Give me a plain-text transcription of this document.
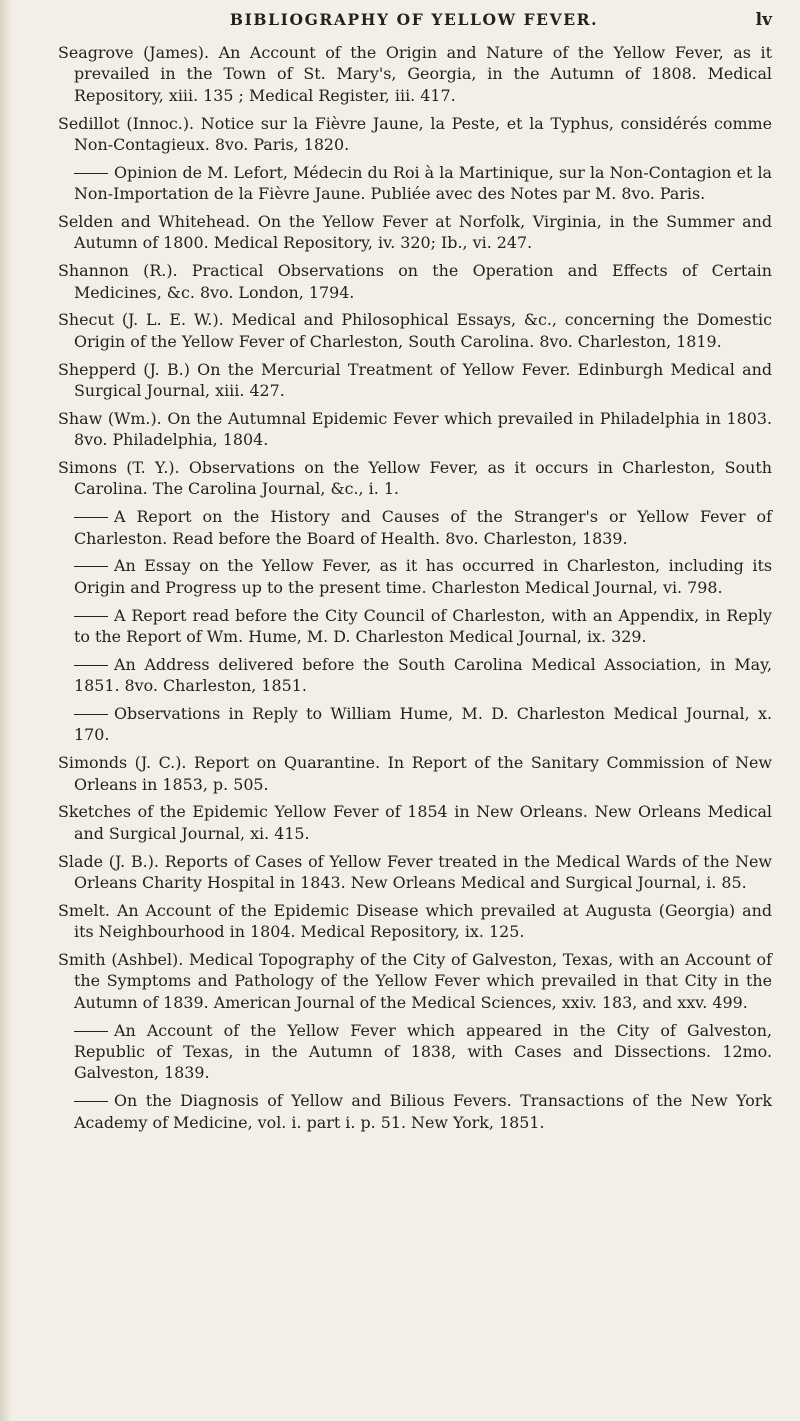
BIBLIOGRAPHY OF YELLOW FEVER.	lv
Seagrove (James). An Account of the Origin and Nature of the Yellow Fever, as it prevailed in the Town of St. Mary's, Georgia, in the Autumn of 1808. Medical Repository, xiii. 135 ; Medical Register, iii. 417.
Sedillot (Innoc.). Notice sur la Fièvre Jaune, la Peste, et la Typhus, considérés comme Non-Contagieux. 8vo. Paris, 1820.
Opinion de M. Lefort, Médecin du Roi à la Martinique, sur la Non-Contagion et la Non-Importation de la Fièvre Jaune. Publiée avec des Notes par M. 8vo. Paris.
Selden and Whitehead. On the Yellow Fever at Norfolk, Virginia, in the Summer and Autumn of 1800. Medical Repository, iv. 320; Ib., vi. 247.
Shannon (R.). Practical Observations on the Operation and Effects of Certain Medicines, &c. 8vo. London, 1794.
Shecut (J. L. E. W.). Medical and Philosophical Essays, &c., concerning the Domestic Origin of the Yellow Fever of Charleston, South Carolina. 8vo. Charleston, 1819.
Shepperd (J. B.) On the Mercurial Treatment of Yellow Fever. Edinburgh Medical and Surgical Journal, xiii. 427.
Shaw (Wm.). On the Autumnal Epidemic Fever which prevailed in Philadelphia in 1803. 8vo. Philadelphia, 1804.
Simons (T. Y.). Observations on the Yellow Fever, as it occurs in Charleston, South Carolina. The Carolina Journal, &c., i. 1.
A Report on the History and Causes of the Stranger's or Yellow Fever of Charleston. Read before the Board of Health. 8vo. Charleston, 1839.
An Essay on the Yellow Fever, as it has occurred in Charleston, including its Origin and Progress up to the present time. Charleston Medical Journal, vi. 798.
A Report read before the City Council of Charleston, with an Appendix, in Reply to the Report of Wm. Hume, M. D. Charleston Medical Journal, ix. 329.
An Address delivered before the South Carolina Medical Association, in May, 1851. 8vo. Charleston, 1851.
Observations in Reply to William Hume, M. D. Charleston Medical Journal, x. 170.
Simonds (J. C.). Report on Quarantine. In Report of the Sanitary Commission of New Orleans in 1853, p. 505.
Sketches of the Epidemic Yellow Fever of 1854 in New Orleans. New Orleans Medical and Surgical Journal, xi. 415.
Slade (J. B.). Reports of Cases of Yellow Fever treated in the Medical Wards of the New Orleans Charity Hospital in 1843. New Orleans Medical and Surgical Journal, i. 85.
Smelt. An Account of the Epidemic Disease which prevailed at Augusta (Georgia) and its Neighbourhood in 1804. Medical Repository, ix. 125.
Smith (Ashbel). Medical Topography of the City of Galveston, Texas, with an Account of the Symptoms and Pathology of the Yellow Fever which prevailed in that City in the Autumn of 1839. American Journal of the Medical Sciences, xxiv. 183, and xxv. 499.
An Account of the Yellow Fever which appeared in the City of Galveston, Republic of Texas, in the Autumn of 1838, with Cases and Dissections. 12mo. Galveston, 1839.
On the Diagnosis of Yellow and Bilious Fevers. Transactions of the New York Academy of Medicine, vol. i. part i. p. 51. New York, 1851.
